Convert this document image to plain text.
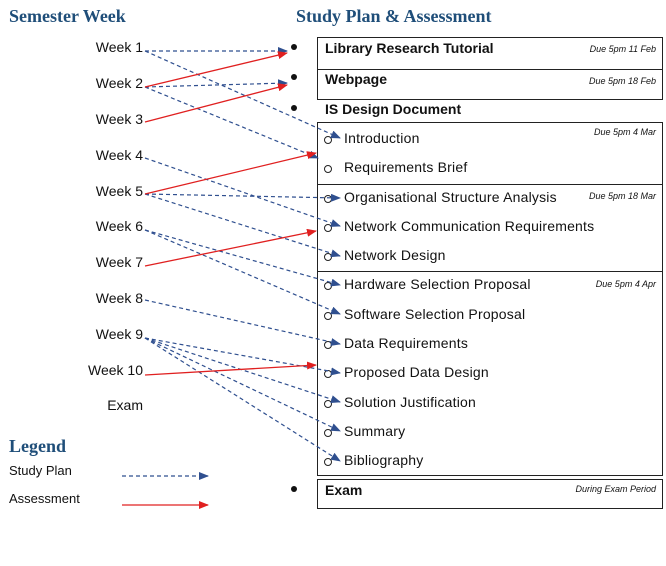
Semester Week	Study Plan & Assessment
Week 1
Week 2
Week 3
Week 4
Week 5
Week 6
Week 7
Week 8
Week 9
Week 10
Exam
Library Research Tutorial	Due 5pm 11 Feb
Webpage	Due 5pm 18 Feb
IS Design Document
Due 5pm 4 Mar
Due 5pm 18 Mar
Due 5pm 4 Apr
Exam	During Exam Period
Introduction
Requirements Brief
Organisational Structure Analysis
Network Communication Requirements
Network Design
Hardware Selection Proposal
Software Selection Proposal
Data Requirements
Proposed Data Design
Solution Justification
Summary
Bibliography
Legend
Study Plan
Assessment
